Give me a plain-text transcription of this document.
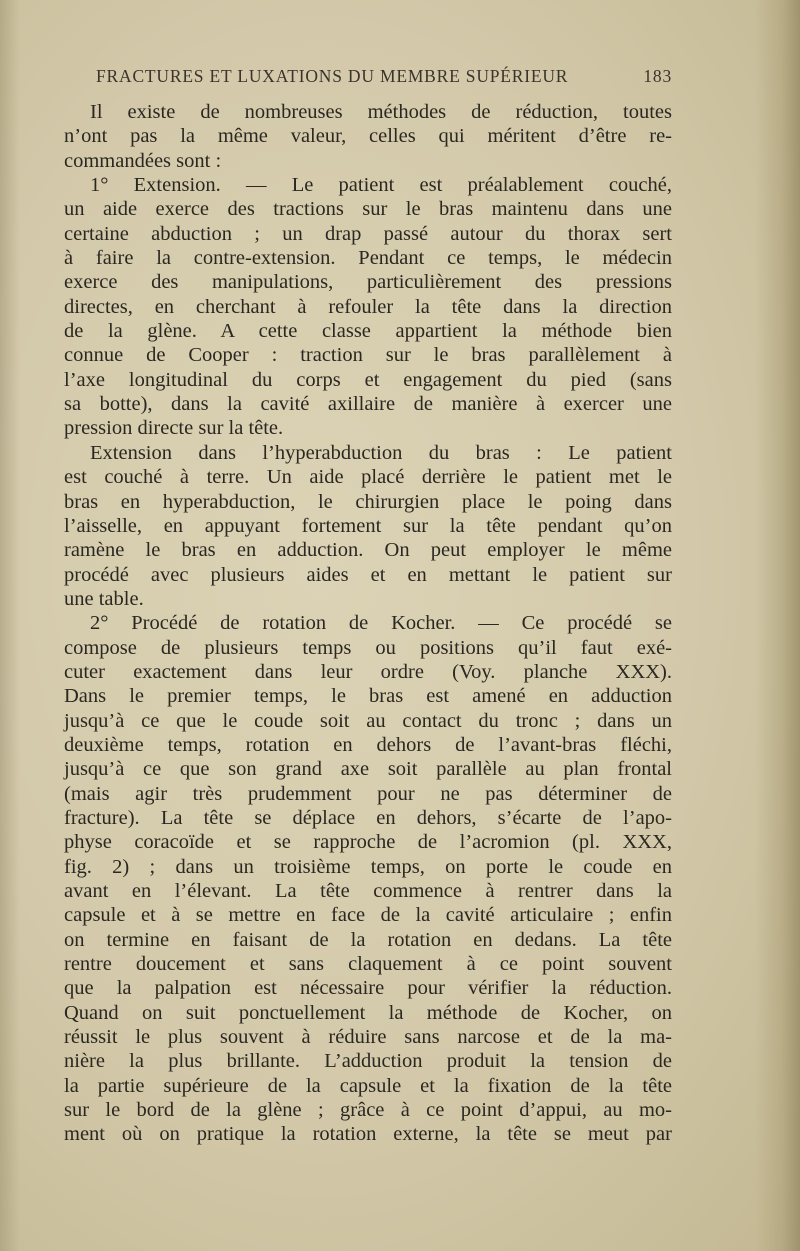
FRACTURES ET LUXATIONS DU MEMBRE SUPÉRIEUR	183
Il existe de nombreuses méthodes de réduction, toutes
n’ont pas la même valeur, celles qui méritent d’être re-
commandées sont :
1° Extension. — Le patient est préalablement couché,
un aide exerce des tractions sur le bras maintenu dans une
certaine abduction ; un drap passé autour du thorax sert
à faire la contre-extension. Pendant ce temps, le médecin
exerce des manipulations, particulièrement des pressions
directes, en cherchant à refouler la tête dans la direction
de la glène. A cette classe appartient la méthode bien
connue de Cooper : traction sur le bras parallèlement à
l’axe longitudinal du corps et engagement du pied (sans
sa botte), dans la cavité axillaire de manière à exercer une
pression directe sur la tête.
Extension dans l’hyperabduction du bras : Le patient
est couché à terre. Un aide placé derrière le patient met le
bras en hyperabduction, le chirurgien place le poing dans
l’aisselle, en appuyant fortement sur la tête pendant qu’on
ramène le bras en adduction. On peut employer le même
procédé avec plusieurs aides et en mettant le patient sur
une table.
2° Procédé de rotation de Kocher. — Ce procédé se
compose de plusieurs temps ou positions qu’il faut exé-
cuter exactement dans leur ordre (Voy. planche XXX).
Dans le premier temps, le bras est amené en adduction
jusqu’à ce que le coude soit au contact du tronc ; dans un
deuxième temps, rotation en dehors de l’avant-bras fléchi,
jusqu’à ce que son grand axe soit parallèle au plan frontal
(mais agir très prudemment pour ne pas déterminer de
fracture). La tête se déplace en dehors, s’écarte de l’apo-
physe coracoïde et se rapproche de l’acromion (pl. XXX,
fig. 2) ; dans un troisième temps, on porte le coude en
avant en l’élevant. La tête commence à rentrer dans la
capsule et à se mettre en face de la cavité articulaire ; enfin
on termine en faisant de la rotation en dedans. La tête
rentre doucement et sans claquement à ce point souvent
que la palpation est nécessaire pour vérifier la réduction.
Quand on suit ponctuellement la méthode de Kocher, on
réussit le plus souvent à réduire sans narcose et de la ma-
nière la plus brillante. L’adduction produit la tension de
la partie supérieure de la capsule et la fixation de la tête
sur le bord de la glène ; grâce à ce point d’appui, au mo-
ment où on pratique la rotation externe, la tête se meut par
